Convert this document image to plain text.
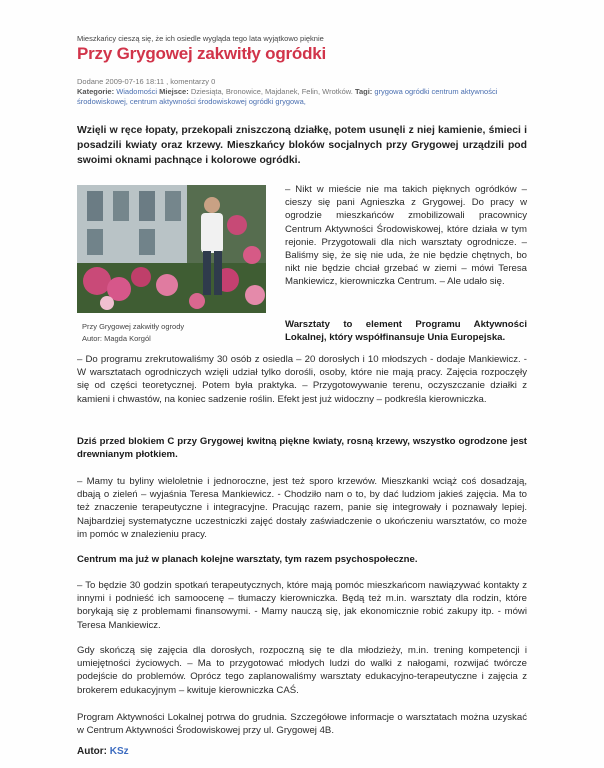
Mieszkańcy cieszą się, że ich osiedle wygląda tego lata wyjątkowo pięknie
Przy Grygowej zakwitły ogródki
Dodane 2009-07-16 18:11 , komentarzy 0
Kategorie: Wiadomości Miejsce: Dziesiąta, Bronowice, Majdanek, Felin, Wrotków. Tagi: grygowa ogródki centrum aktywności środowiskowej, centrum aktywności środowiskowej ogródki grygowa,
Wzięli w ręce łopaty, przekopali zniszczoną działkę, potem usunęli z niej kamienie, śmieci i posadzili kwiaty oraz krzewy. Mieszkańcy bloków socjalnych przy Grygowej urządzili pod swoimi oknami pachnące i kolorowe ogródki.
Przy Grygowej zakwitły ogrody
Autor: Magda Korgól
– Nikt w mieście nie ma takich pięknych ogródków – cieszy się pani Agnieszka z Grygowej. Do pracy w ogrodzie mieszkańców zmobilizowali pracownicy Centrum Aktywności Środowiskowej, które działa w tym rejonie. Przygotowali dla nich warsztaty ogrodnicze. – Baliśmy się, że się nie uda, że nie będzie chętnych, bo nikt nie będzie chciał grzebać w ziemi – mówi Teresa Mankiewicz, kierowniczka Centrum. – Ale udało się.
Warsztaty to element Programu Aktywności Lokalnej, który współfinansuje Unia Europejska.
– Do programu zrekrutowaliśmy 30 osób z osiedla – 20 dorosłych i 10 młodszych - dodaje Mankiewicz. - W warsztatach ogrodniczych wzięli udział tylko dorośli, osoby, które nie mają pracy. Zajęcia rozpoczęły się od części teoretycznej. Potem była praktyka. – Przygotowywanie terenu, oczyszczanie działki z kamieni i chwastów, na koniec sadzenie roślin. Efekt jest już widoczny – podkreśla kierowniczka.
Dziś przed blokiem C przy Grygowej kwitną piękne kwiaty, rosną krzewy, wszystko ogrodzone jest drewnianym płotkiem.
– Mamy tu byliny wieloletnie i jednoroczne, jest też sporo krzewów. Mieszkanki wciąż coś dosadzają, dbają o zieleń – wyjaśnia Teresa Mankiewicz. - Chodziło nam o to, by dać ludziom jakieś zajęcia. Ma to też znaczenie terapeutyczne i integracyjne. Pracując razem, panie się integrowały i poznawały lepiej. Najbardziej systematyczne uczestniczki zajęć dostały zaświadczenie o ukończeniu warsztatów, co może im pomóc w znalezieniu pracy.
Centrum ma już w planach kolejne warsztaty, tym razem psychospołeczne.
– To będzie 30 godzin spotkań terapeutycznych, które mają pomóc mieszkańcom nawiązywać kontakty z innymi i podnieść ich samoocenę – tłumaczy kierowniczka. Będą też m.in. warsztaty dla rodzin, które borykają się z problemami finansowymi. - Mamy nauczą się, jak ekonomicznie robić zakupy itp. - mówi Teresa Mankiewicz.
Gdy skończą się zajęcia dla dorosłych, rozpoczną się te dla młodzieży, m.in. trening kompetencji i umiejętności życiowych. – Ma to przygotować młodych ludzi do walki z nałogami, rozwijać twórcze podejście do problemów. Oprócz tego zaplanowaliśmy warsztaty edukacyjno-terapeutyczne i zajęcia z brokerem edukacyjnym – kwituje kierowniczka CAŚ.
Program Aktywności Lokalnej potrwa do grudnia. Szczegółowe informacje o warsztatach można uzyskać w Centrum Aktywności Środowiskowej przy ul. Grygowej 4B.
Autor: KSz
